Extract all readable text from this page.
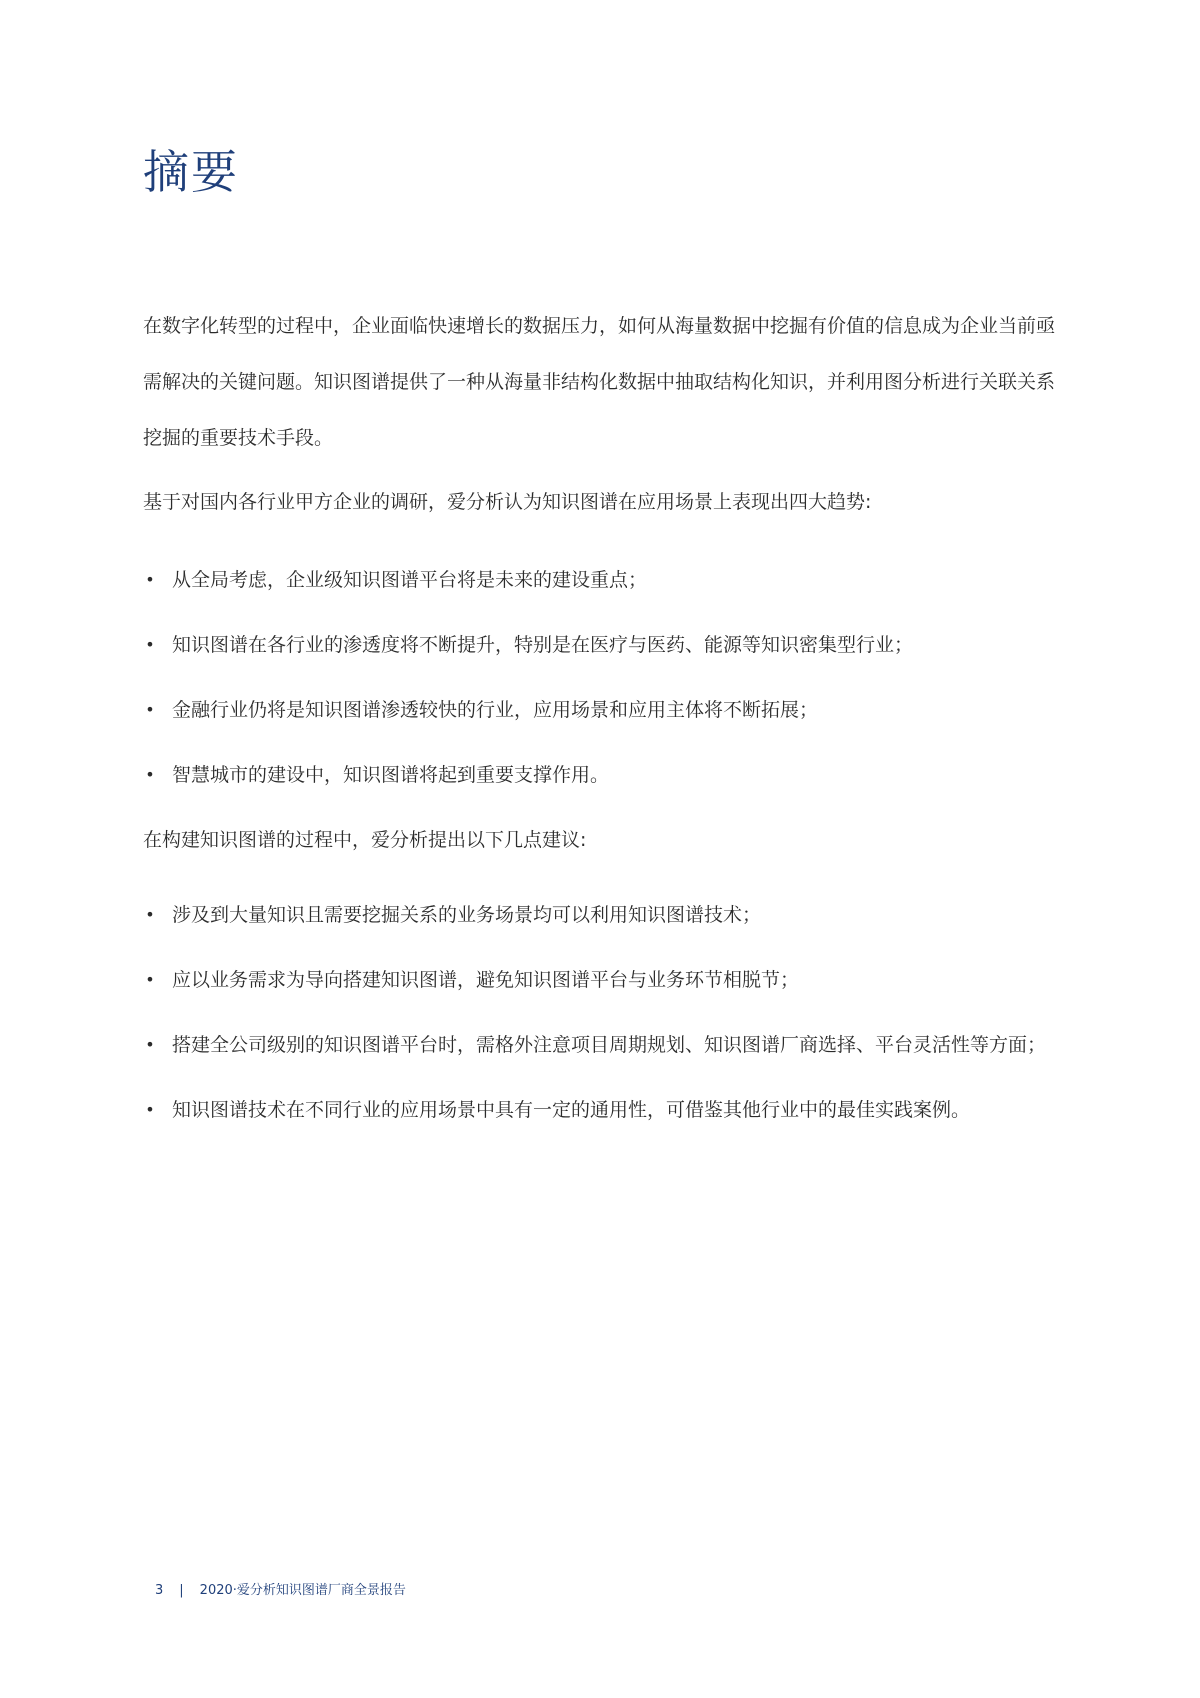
摘要

在数字化转型的过程中，企业面临快速增长的数据压力，如何从海量数据中挖掘有价值的信息成为企业当前亟需解决的关键问题。知识图谱提供了一种从海量非结构化数据中抽取结构化知识，并利用图分析进行关联关系挖掘的重要技术手段。

基于对国内各行业甲方企业的调研，爱分析认为知识图谱在应用场景上表现出四大趋势:

• 从全局考虑，企业级知识图谱平台将是未来的建设重点；
• 知识图谱在各行业的渗透度将不断提升，特别是在医疗与医药、能源等知识密集型行业；
• 金融行业仍将是知识图谱渗透较快的行业，应用场景和应用主体将不断拓展；
• 智慧城市的建设中，知识图谱将起到重要支撑作用。

在构建知识图谱的过程中，爱分析提出以下几点建议:

• 涉及到大量知识且需要挖掘关系的业务场景均可以利用知识图谱技术；
• 应以业务需求为导向搭建知识图谱，避免知识图谱平台与业务环节相脱节；
• 搭建全公司级别的知识图谱平台时，需格外注意项目周期规划、知识图谱厂商选择、平台灵活性等方面；
• 知识图谱技术在不同行业的应用场景中具有一定的通用性，可借鉴其他行业中的最佳实践案例。
3 | 2020·爱分析知识图谱厂商全景报告
